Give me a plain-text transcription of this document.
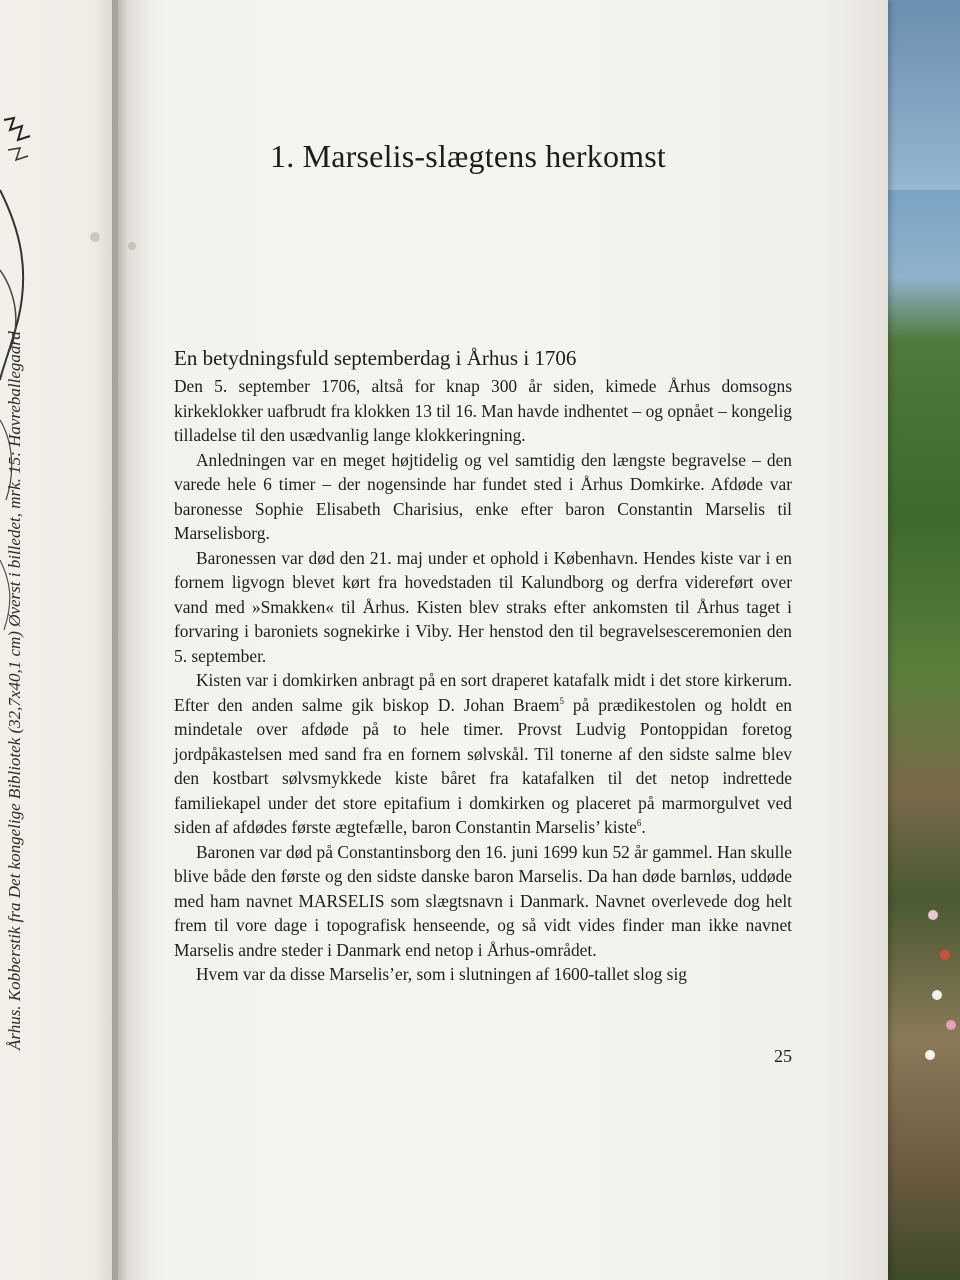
Århus. Kobberstik fra Det kongelige Bibliotek (32,7x40,1 cm) Øverst i billedet, mrk. 15: Havreballegaard
1. Marselis-slægtens herkomst
En betydningsfuld septemberdag i Århus i 1706

Den 5. september 1706, altså for knap 300 år siden, kimede Århus domsogns kirkeklokker uafbrudt fra klokken 13 til 16. Man havde indhentet – og opnået – kongelig tilladelse til den usædvanlig lange klokkeringning.

Anledningen var en meget højtidelig og vel samtidig den længste begravelse – den varede hele 6 timer – der nogensinde har fundet sted i Århus Domkirke. Afdøde var baronesse Sophie Elisabeth Charisius, enke efter baron Constantin Marselis til Marselisborg.

Baronessen var død den 21. maj under et ophold i København. Hendes kiste var i en fornem ligvogn blevet kørt fra hovedstaden til Kalundborg og derfra videreført over vand med »Smakken« til Århus. Kisten blev straks efter ankomsten til Århus taget i forvaring i baroniets sognekirke i Viby. Her henstod den til begravelsesceremonien den 5. september.

Kisten var i domkirken anbragt på en sort draperet katafalk midt i det store kirkerum. Efter den anden salme gik biskop D. Johan Braem$^5$ på prædikestolen og holdt en mindetale over afdøde på to hele timer. Provst Ludvig Pontoppidan foretog jordpåkastelsen med sand fra en fornem sølvskål. Til tonerne af den sidste salme blev den kostbart sølvsmykkede kiste båret fra katafalken til det netop indrettede familiekapel under det store epitafium i domkirken og placeret på marmorgulvet ved siden af afdødes første ægtefælle, baron Constantin Marselis’ kiste$^6$.

Baronen var død på Constantinsborg den 16. juni 1699 kun 52 år gammel. Han skulle blive både den første og den sidste danske baron Marselis. Da han døde barnløs, uddøde med ham navnet MARSELIS som slægtsnavn i Danmark. Navnet overlevede dog helt frem til vore dage i topografisk henseende, og så vidt vides finder man ikke navnet Marselis andre steder i Danmark end netop i Århus-området.

Hvem var da disse Marselis’er, som i slutningen af 1600-tallet slog sig

25
